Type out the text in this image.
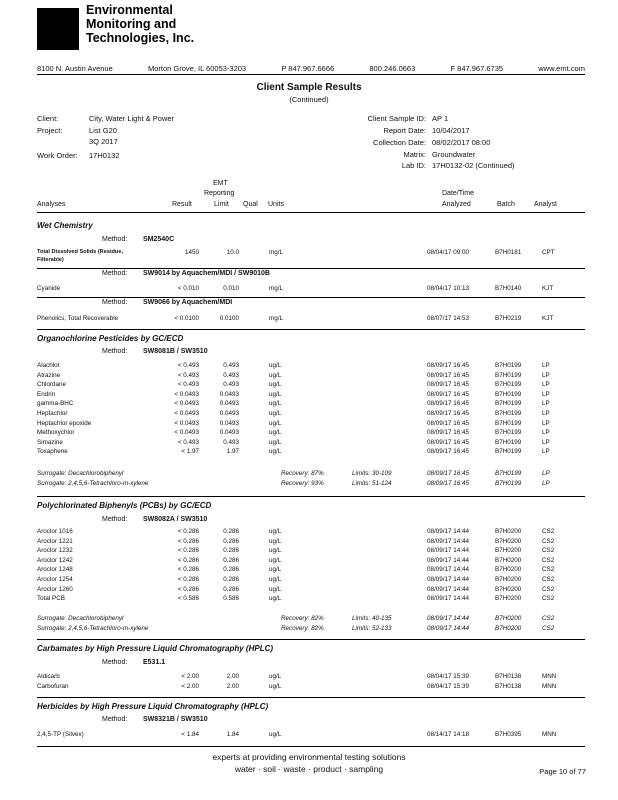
Environmental
Monitoring and
Technologies, Inc.
8100 N. Austin Avenue	Morton Grove, IL 60053-3203	P 847.967.6666	800.246.0663	F 847.967.6735	www.emt.com
Client Sample Results
(Continued)
Client:	City, Water Light & Power
Project:	List G20
3Q 2017
Work Order: 17H0132
Client Sample ID: AP 1
Report Date: 10/04/2017
Collection Date: 08/02/2017 08:00
Matrix: Groundwater
Lab ID: 17H0132-02 (Continued)
EMT
Reporting	Date/Time
Analyses	Result	Limit Qual Units	Analyzed	Batch	Analyst
Wet Chemistry
Method: SM2540C
Total Dissolved Solids (Residue,	1450	10.0	mg/L	08/04/17 09:00	B7H0181	CPT
Filterable)
Method: SW9014 by Aquachem/MDI / SW9010B
Cyanide	< 0.010	0.010	mg/L	08/04/17 10:13	B7H0140	KJT
Method: SW9066 by Aquachem/MDI
Phenolics, Total Recoverable	< 0.0100	0.0100	mg/L	08/07/17 14:53	B7H0219	KJT
Organochlorine Pesticides by GC/ECD
Method: SW8081B / SW3510
Alachlor	< 0.493	0.493	ug/L	08/09/17 16:45	B7H0199	LP
Atrazine	< 0.493	0.493	ug/L	08/09/17 16:45	B7H0199	LP
Chlordane	< 0.493	0.493	ug/L	08/09/17 16:45	B7H0199	LP
Endrin	< 0.0493	0.0493	ug/L	08/09/17 16:45	B7H0199	LP
gamma-BHC	< 0.0493	0.0493	ug/L	08/09/17 16:45	B7H0199	LP
Heptachlor	< 0.0493	0.0493	ug/L	08/09/17 16:45	B7H0199	LP
Heptachlor epoxide	< 0.0493	0.0493	ug/L	08/09/17 16:45	B7H0199	LP
Methoxychlor	< 0.0493	0.0493	ug/L	08/09/17 16:45	B7H0199	LP
Simazine	< 0.493	0.493	ug/L	08/09/17 16:45	B7H0199	LP
Toxaphene	< 1.97	1.97	ug/L	08/09/17 16:45	B7H0199	LP
Surrogate: Decachlorobiphenyl	Recovery: 87%	Limits: 30-109	08/09/17 16:45	B7H0199	LP
Surrogate: 2,4,5,6-Tetrachloro-m-xylene	Recovery: 93%	Limits: 51-124	08/09/17 16:45	B7H0199	LP
Polychlorinated Biphenyls (PCBs) by GC/ECD
Method: SW8082A / SW3510
Aroclor 1016	< 0.286	0.286	ug/L	08/09/17 14:44	B7H0200	CS2
Aroclor 1221	< 0.286	0.286	ug/L	08/09/17 14:44	B7H0200	CS2
Aroclor 1232	< 0.286	0.286	ug/L	08/09/17 14:44	B7H0200	CS2
Aroclor 1242	< 0.286	0.286	ug/L	08/09/17 14:44	B7H0200	CS2
Aroclor 1248	< 0.286	0.286	ug/L	08/09/17 14:44	B7H0200	CS2
Aroclor 1254	< 0.286	0.286	ug/L	08/09/17 14:44	B7H0200	CS2
Aroclor 1260	< 0.286	0.286	ug/L	08/09/17 14:44	B7H0200	CS2
Total PCB	< 0.586	0.586	ug/L	08/09/17 14:44	B7H0200	CS2
Surrogate: Decachlorobiphenyl	Recovery: 82%	Limits: 40-135	08/09/17 14:44	B7H0200	CS2
Surrogate: 2,4,5,6-Tetrachloro-m-xylene	Recovery: 82%	Limits: 52-133	08/09/17 14:44	B7H0200	CS2
Carbamates by High Pressure Liquid Chromatography (HPLC)
Method: E531.1
Aldicarb	< 2.00	2.00	ug/L	08/04/17 15:39	B7H0138	MNN
Carbofuran	< 2.00	2.00	ug/L	08/04/17 15:39	B7H0138	MNN
Herbicides by High Pressure Liquid Chromatography (HPLC)
Method: SW8321B / SW3510
2,4,5-TP (Silvex)	< 1.84	1.84	ug/L	08/14/17 14:18	B7H0395	MNN
experts at providing environmental testing solutions
water · soil · waste · product · sampling	Page 10 of 77
